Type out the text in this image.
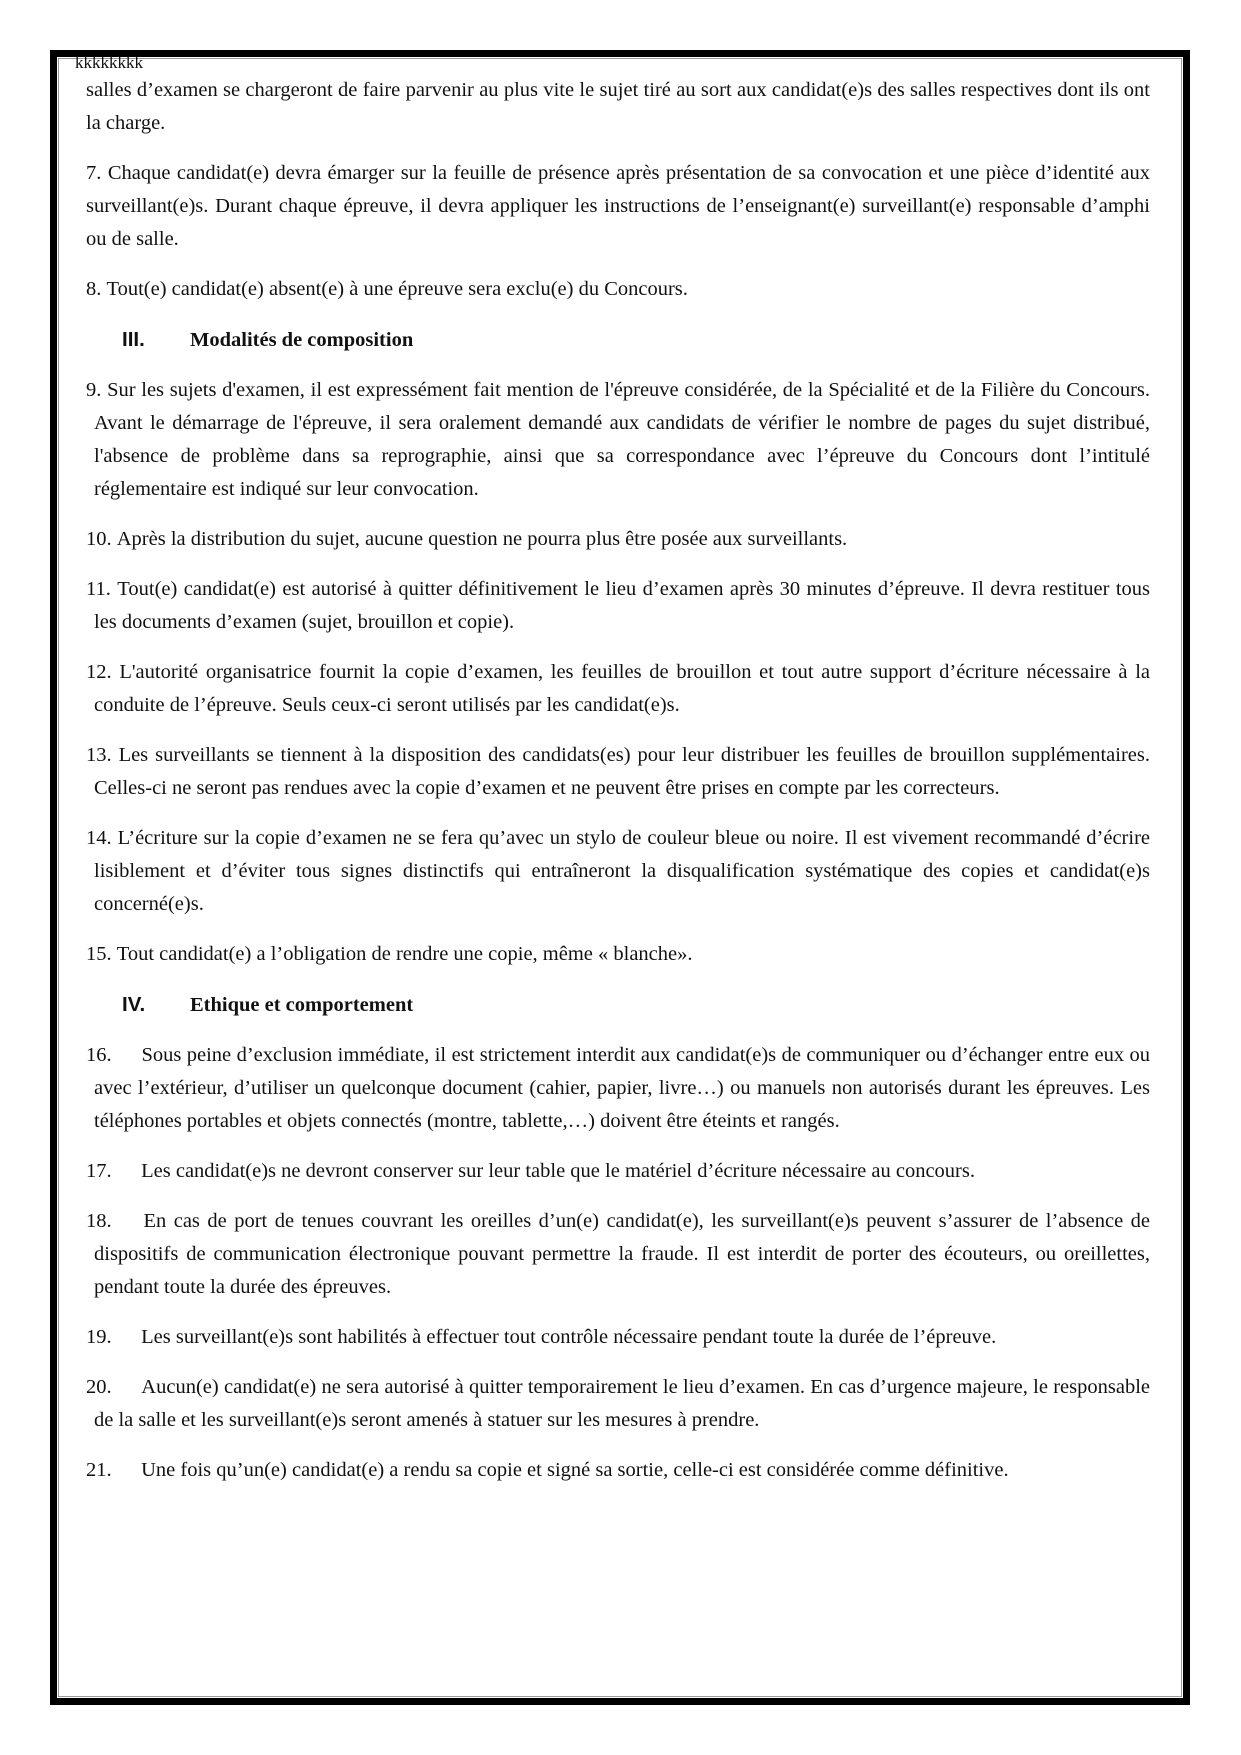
kkkkkkkk

salles d’examen se chargeront de faire parvenir au plus vite le sujet tiré au sort aux candidat(e)s des salles respectives dont ils ont la charge.

7. Chaque candidat(e) devra émarger sur la feuille de présence après présentation de sa convocation et une pièce d’identité aux surveillant(e)s. Durant chaque épreuve, il devra appliquer les instructions de l’enseignant(e) surveillant(e) responsable d’amphi ou de salle.

8. Tout(e) candidat(e) absent(e) à une épreuve sera exclu(e) du Concours.

III.	Modalités de composition

9. Sur les sujets d'examen, il est expressément fait mention de l'épreuve considérée, de la Spécialité et de la Filière du Concours. Avant le démarrage de l'épreuve, il sera oralement demandé aux candidats de vérifier le nombre de pages du sujet distribué, l'absence de problème dans sa reprographie, ainsi que sa correspondance avec l’épreuve du Concours dont l’intitulé réglementaire est indiqué sur leur convocation.

10. Après la distribution du sujet, aucune question ne pourra plus être posée aux surveillants.

11. Tout(e) candidat(e) est autorisé à quitter définitivement le lieu d’examen après 30 minutes d’épreuve. Il devra restituer tous les documents d’examen (sujet, brouillon et copie).

12. L'autorité organisatrice fournit la copie d’examen, les feuilles de brouillon et tout autre support d’écriture nécessaire à la conduite de l’épreuve. Seuls ceux-ci seront utilisés par les candidat(e)s.

13. Les surveillants se tiennent à la disposition des candidats(es) pour leur distribuer les feuilles de brouillon supplémentaires. Celles-ci ne seront pas rendues avec la copie d’examen et ne peuvent être prises en compte par les correcteurs.

14. L’écriture sur la copie d’examen ne se fera qu’avec un stylo de couleur bleue ou noire. Il est vivement recommandé d’écrire lisiblement et d’éviter tous signes distinctifs qui entraîneront la disqualification systématique des copies et candidat(e)s concerné(e)s.

15. Tout candidat(e) a l’obligation de rendre une copie, même « blanche».

IV.	Ethique et comportement

16. Sous peine d’exclusion immédiate, il est strictement interdit aux candidat(e)s de communiquer ou d’échanger entre eux ou avec l’extérieur, d’utiliser un quelconque document (cahier, papier, livre…) ou manuels non autorisés durant les épreuves. Les téléphones portables et objets connectés (montre, tablette,…) doivent être éteints et rangés.

17. Les candidat(e)s ne devront conserver sur leur table que le matériel d’écriture nécessaire au concours.

18. En cas de port de tenues couvrant les oreilles d’un(e) candidat(e), les surveillant(e)s peuvent s’assurer de l’absence de dispositifs de communication électronique pouvant permettre la fraude. Il est interdit de porter des écouteurs, ou oreillettes, pendant toute la durée des épreuves.

19. Les surveillant(e)s sont habilités à effectuer tout contrôle nécessaire pendant toute la durée de l’épreuve.

20. Aucun(e) candidat(e) ne sera autorisé à quitter temporairement le lieu d’examen. En cas d’urgence majeure, le responsable de la salle et les surveillant(e)s seront amenés à statuer sur les mesures à prendre.

21. Une fois qu’un(e) candidat(e) a rendu sa copie et signé sa sortie, celle-ci est considérée comme définitive.
